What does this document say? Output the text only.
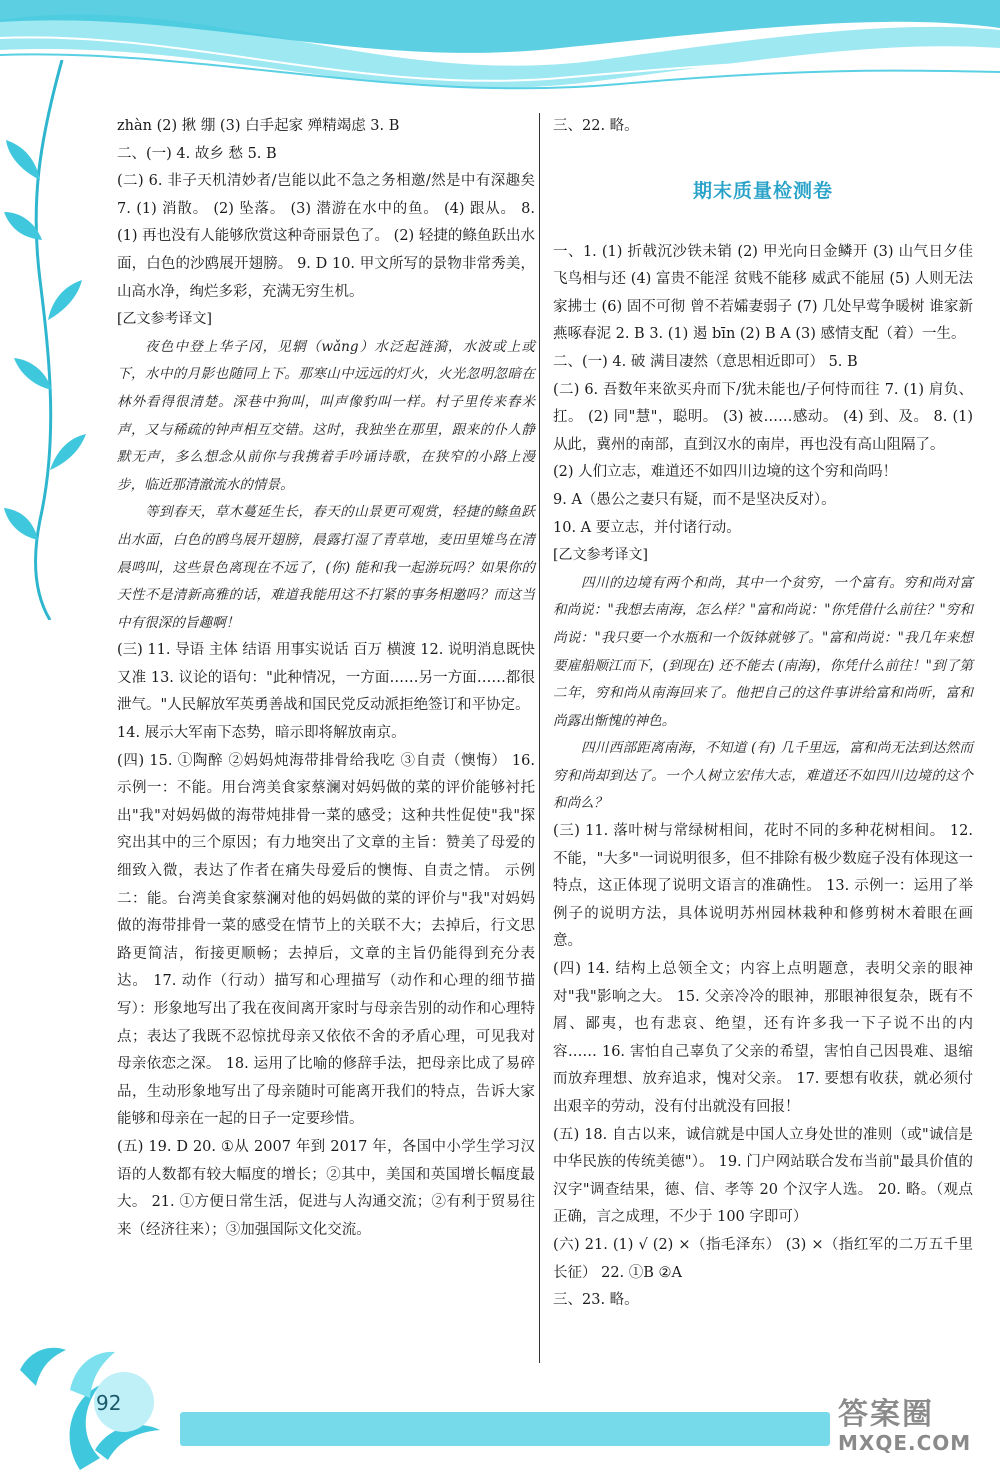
92	答案圈
MXQE.COM

zhàn (2) 揪 绷 (3) 白手起家 殚精竭虑 3. B

二、(一) 4. 故乡 愁 5. B

(二) 6. 非子天机清妙者/岂能以此不急之务相邀/然是中有深趣矣 7. (1) 消散。 (2) 坠落。 (3) 潜游在水中的鱼。 (4) 跟从。 8. (1) 再也没有人能够欣赏这种奇丽景色了。 (2) 轻捷的鲦鱼跃出水面，白色的沙鸥展开翅膀。 9. D 10. 甲文所写的景物非常秀美，山高水净，绚烂多彩，充满无穷生机。

[乙文参考译文]

夜色中登上华子冈，见辋（wǎng）水泛起涟漪，水波或上或下，水中的月影也随同上下。那寒山中远远的灯火，火光忽明忽暗在林外看得很清楚。深巷中狗叫，叫声像豹叫一样。村子里传来舂米声，又与稀疏的钟声相互交错。这时，我独坐在那里，跟来的仆人静默无声，多么想念从前你与我携着手吟诵诗歌，在狭窄的小路上漫步，临近那清澈流水的情景。

等到春天，草木蔓延生长，春天的山景更可观赏，轻捷的鲦鱼跃出水面，白色的鸥鸟展开翅膀，晨露打湿了青草地，麦田里雉鸟在清晨鸣叫，这些景色离现在不远了，(你) 能和我一起游玩吗？如果你的天性不是清新高雅的话，难道我能用这不打紧的事务相邀吗？而这当中有很深的旨趣啊！

(三) 11. 导语 主体 结语 用事实说话 百万 横渡 12. 说明消息既快又准 13. 议论的语句："此种情况，一方面……另一方面……都很泄气。"人民解放军英勇善战和国民党反动派拒绝签订和平协定。

14. 展示大军南下态势，暗示即将解放南京。

(四) 15. ①陶醉 ②妈妈炖海带排骨给我吃 ③自责（懊悔） 16. 示例一：不能。用台湾美食家蔡澜对妈妈做的菜的评价能够衬托出"我"对妈妈做的海带炖排骨一菜的感受；这种共性促使"我"探究出其中的三个原因；有力地突出了文章的主旨：赞美了母爱的细致入微，表达了作者在痛失母爱后的懊悔、自责之情。 示例二：能。台湾美食家蔡澜对他的妈妈做的菜的评价与"我"对妈妈做的海带排骨一菜的感受在情节上的关联不大；去掉后，行文思路更简洁，衔接更顺畅；去掉后，文章的主旨仍能得到充分表达。 17. 动作（行动）描写和心理描写（动作和心理的细节描写）：形象地写出了我在夜间离开家时与母亲告别的动作和心理特点；表达了我既不忍惊扰母亲又依依不舍的矛盾心理，可见我对母亲依恋之深。 18. 运用了比喻的修辞手法，把母亲比成了易碎品，生动形象地写出了母亲随时可能离开我们的特点，告诉大家能够和母亲在一起的日子一定要珍惜。

(五) 19. D 20. ①从 2007 年到 2017 年，各国中小学生学习汉语的人数都有较大幅度的增长；②其中，美国和英国增长幅度最大。 21. ①方便日常生活，促进与人沟通交流；②有利于贸易往来（经济往来）；③加强国际文化交流。

三、22. 略。

期末质量检测卷

一、1. (1) 折戟沉沙铁未销 (2) 甲光向日金鳞开 (3) 山气日夕佳 飞鸟相与还 (4) 富贵不能淫 贫贱不能移 威武不能屈 (5) 人则无法家拂士 (6) 固不可彻 曾不若孀妻弱子 (7) 几处早莺争暖树 谁家新燕啄春泥 2. B 3. (1) 遏 bīn (2) B A (3) 感情支配（着）一生。

二、(一) 4. 破 满目凄然（意思相近即可） 5. B

(二) 6. 吾数年来欲买舟而下/犹未能也/子何恃而往 7. (1) 肩负、扛。 (2) 同"慧"，聪明。 (3) 被……感动。 (4) 到、及。 8. (1) 从此，冀州的南部，直到汉水的南岸，再也没有高山阻隔了。

(2) 人们立志，难道还不如四川边境的这个穷和尚吗！

9. A（愚公之妻只有疑，而不是坚决反对）。

10. A 要立志，并付诸行动。

[乙文参考译文]

四川的边境有两个和尚，其中一个贫穷，一个富有。穷和尚对富和尚说："我想去南海，怎么样？"富和尚说："你凭借什么前往？"穷和尚说："我只要一个水瓶和一个饭钵就够了。"富和尚说："我几年来想要雇船顺江而下，(到现在) 还不能去 (南海)，你凭什么前往！"到了第二年，穷和尚从南海回来了。他把自己的这件事讲给富和尚听，富和尚露出惭愧的神色。

四川西部距离南海，不知道 (有) 几千里远，富和尚无法到达然而穷和尚却到达了。一个人树立宏伟大志，难道还不如四川边境的这个和尚么？

(三) 11. 落叶树与常绿树相间，花时不同的多种花树相间。 12. 不能，"大多"一词说明很多，但不排除有极少数庭子没有体现这一特点，这正体现了说明文语言的准确性。 13. 示例一：运用了举例子的说明方法，具体说明苏州园林栽种和修剪树木着眼在画意。

(四) 14. 结构上总领全文；内容上点明题意，表明父亲的眼神对"我"影响之大。 15. 父亲冷冷的眼神，那眼神很复杂，既有不屑、鄙夷，也有悲哀、绝望，还有许多我一下子说不出的内容…… 16. 害怕自己辜负了父亲的希望，害怕自己因畏难、退缩而放弃理想、放弃追求，愧对父亲。 17. 要想有收获，就必须付出艰辛的劳动，没有付出就没有回报！

(五) 18. 自古以来，诚信就是中国人立身处世的准则（或"诚信是中华民族的传统美德"）。 19. 门户网站联合发布当前"最具价值的汉字"调查结果，德、信、孝等 20 个汉字人选。 20. 略。（观点正确，言之成理，不少于 100 字即可）

(六) 21. (1) √ (2) ×（指毛泽东） (3) ×（指红军的二万五千里长征） 22. ①B ②A

三、23. 略。
